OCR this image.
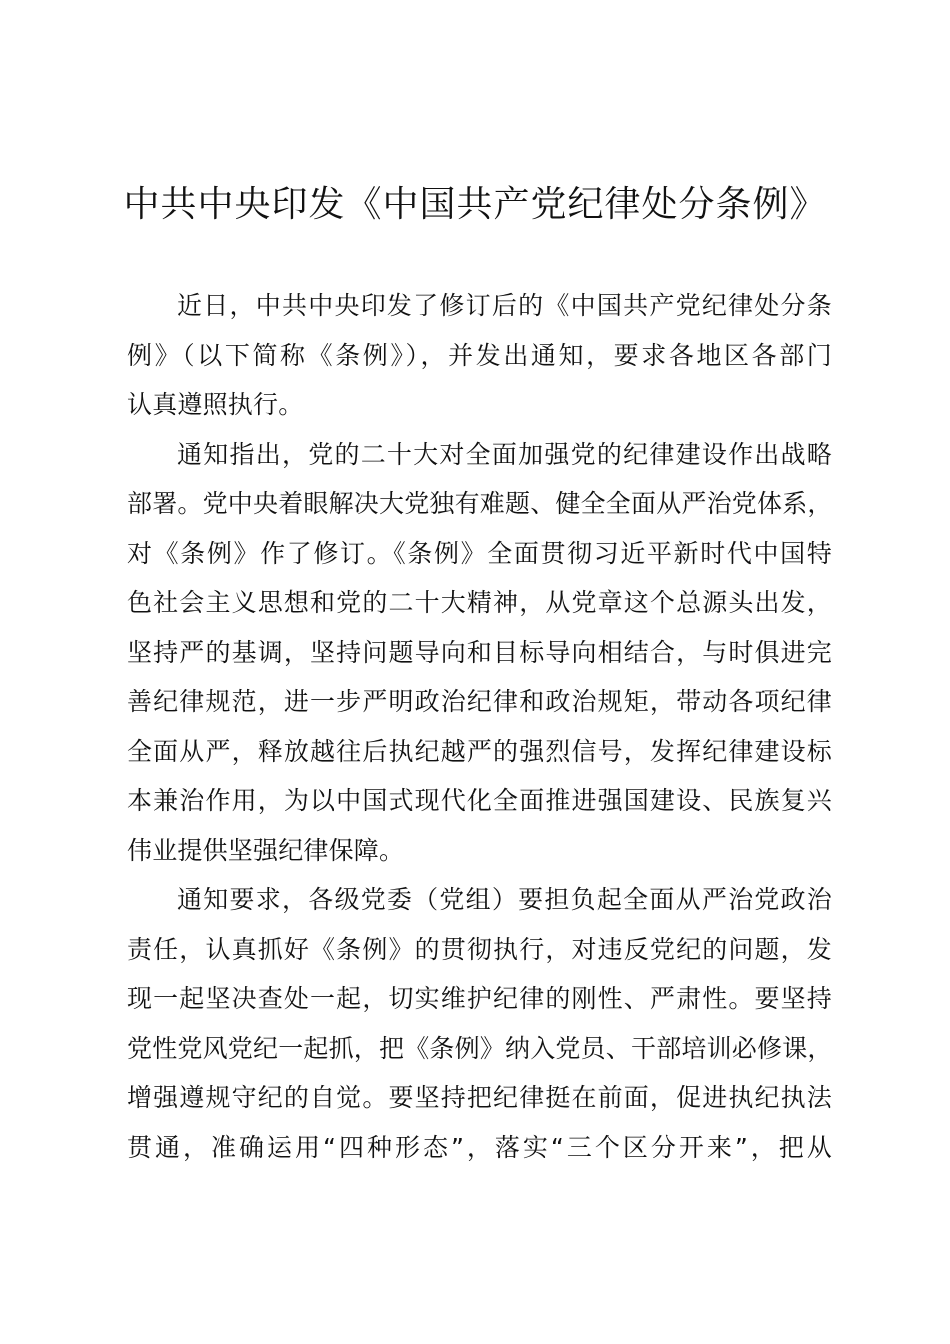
中共中央印发《中国共产党纪律处分条例》
近日，中共中央印发了修订后的《中国共产党纪律处分条
例》（以下简称《条例》），并发出通知，要求各地区各部门
认真遵照执行。
通知指出，党的二十大对全面加强党的纪律建设作出战略
部署。党中央着眼解决大党独有难题、健全全面从严治党体系，
对《条例》作了修订。《条例》全面贯彻习近平新时代中国特
色社会主义思想和党的二十大精神，从党章这个总源头出发，
坚持严的基调，坚持问题导向和目标导向相结合，与时俱进完
善纪律规范，进一步严明政治纪律和政治规矩，带动各项纪律
全面从严，释放越往后执纪越严的强烈信号，发挥纪律建设标
本兼治作用，为以中国式现代化全面推进强国建设、民族复兴
伟业提供坚强纪律保障。
通知要求，各级党委（党组）要担负起全面从严治党政治
责任，认真抓好《条例》的贯彻执行，对违反党纪的问题，发
现一起坚决查处一起，切实维护纪律的刚性、严肃性。要坚持
党性党风党纪一起抓，把《条例》纳入党员、干部培训必修课，
增强遵规守纪的自觉。要坚持把纪律挺在前面，促进执纪执法
贯通，准确运用“四种形态”，落实“三个区分开来”，把从
